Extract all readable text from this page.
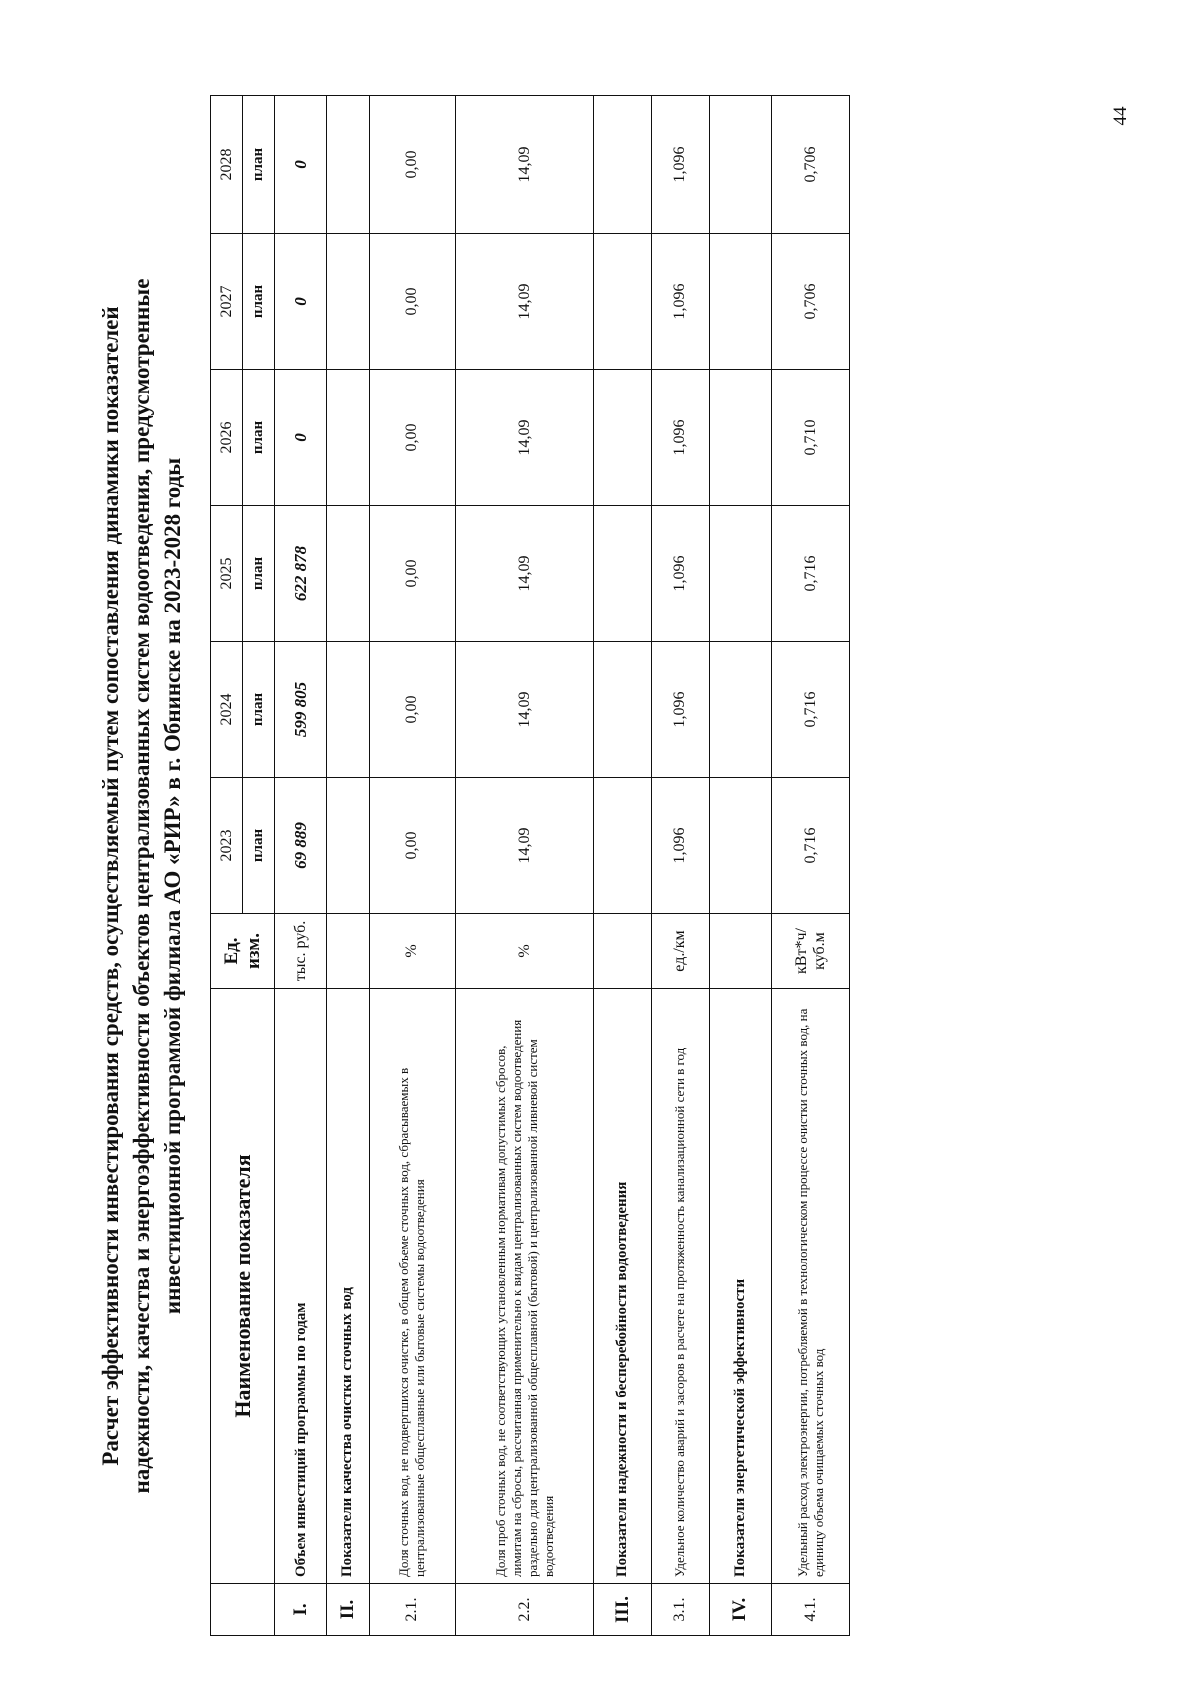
Расчет эффективности инвестирования средств, осуществляемый путем сопоставления динамики показателей надежности, качества и энергоэффективности объектов централизованных систем водоотведения, предусмотренные инвестиционной программой филиала АО «РИР» в г. Обнинске на 2023-2028 годы
	Наименование показателя	Ед. изм.	2023	2024	2025	2026	2027	2028
			план	план	план	план	план	план
I.	Объем инвестиций программы по годам	тыс. руб.	69 889	599 805	622 878	0	0	0
II.	Показатели качества очистки сточных вод							
2.1.	Доля сточных вод, не подвергшихся очистке, в общем объеме сточных вод, сбрасываемых в централизованные общесплавные или бытовые системы водоотведения	%	0,00	0,00	0,00	0,00	0,00	0,00
2.2.	Доля проб сточных вод, не соответствующих установленным нормативам допустимых сбросов, лимитам на сбросы, рассчитанная применительно к видам централизованных систем водоотведения раздельно для централизованной общесплавной (бытовой) и централизованной ливневой систем водоотведения	%	14,09	14,09	14,09	14,09	14,09	14,09
III.	Показатели надежности и бесперебойности водоотведения							
3.1.	Удельное количество аварий и засоров в расчете на протяженность канализационной сети в год	ед./км	1,096	1,096	1,096	1,096	1,096	1,096
IV.	Показатели энергетической эффективности							
4.1.	Удельный расход электроэнергии, потребляемой в технологическом процессе очистки сточных вод, на единицу объема очищаемых сточных вод	кВт*ч/ куб.м	0,716	0,716	0,716	0,710	0,706	0,706
44
